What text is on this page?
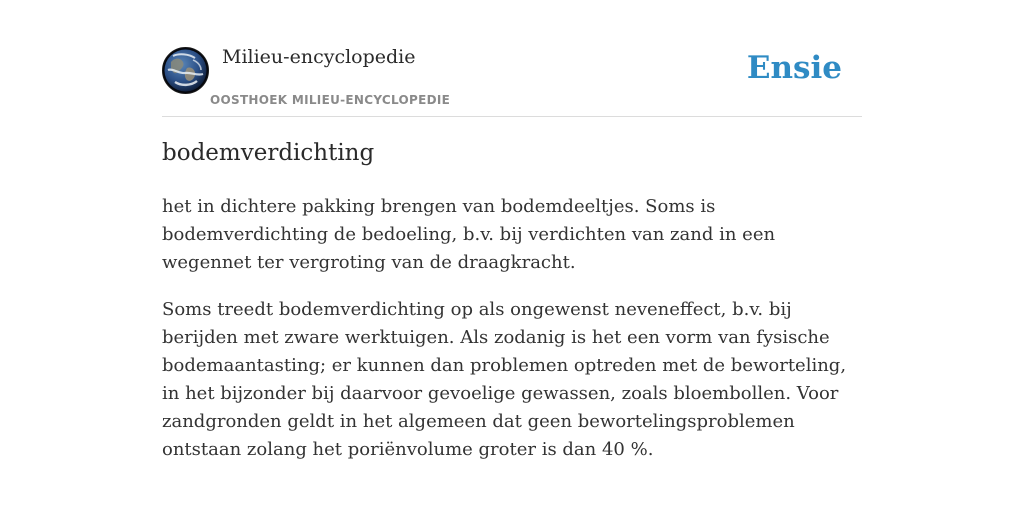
Milieu-encyclopedie
OOSTHOEK MILIEU-ENCYCLOPEDIE
Ensie
bodemverdichting

het in dichtere pakking brengen van bodemdeeltjes. Soms is bodemverdichting de bedoeling, b.v. bij verdichten van zand in een wegennet ter vergroting van de draagkracht.

Soms treedt bodemverdichting op als ongewenst neveneffect, b.v. bij berijden met zware werktuigen. Als zodanig is het een vorm van fysische bodemaantasting; er kunnen dan problemen optreden met de beworteling, in het bijzonder bij daarvoor gevoelige gewassen, zoals bloembollen. Voor zandgronden geldt in het algemeen dat geen bewortelingsproblemen ontstaan zolang het poriënvolume groter is dan 40 %.
